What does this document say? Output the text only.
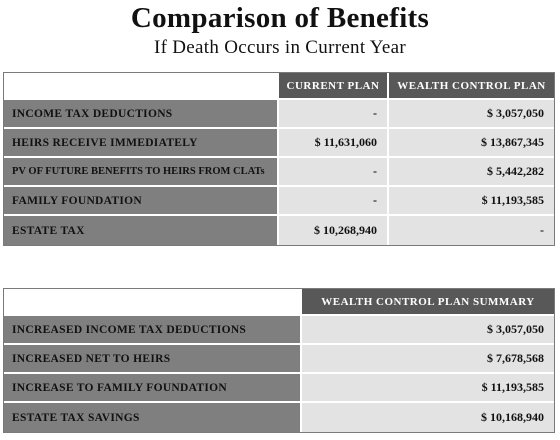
Comparison of Benefits
If Death Occurs in Current Year
	CURRENT PLAN	WEALTH CONTROL PLAN
INCOME TAX DEDUCTIONS	-	$ 3,057,050
HEIRS RECEIVE IMMEDIATELY	$ 11,631,060	$ 13,867,345
PV OF FUTURE BENEFITS TO HEIRS FROM CLATs	-	$ 5,442,282
FAMILY FOUNDATION	-	$ 11,193,585
ESTATE TAX	$ 10,268,940	-
	WEALTH CONTROL PLAN SUMMARY
INCREASED INCOME TAX DEDUCTIONS	$ 3,057,050
INCREASED NET TO HEIRS	$ 7,678,568
INCREASE TO FAMILY FOUNDATION	$ 11,193,585
ESTATE TAX SAVINGS	$ 10,168,940
